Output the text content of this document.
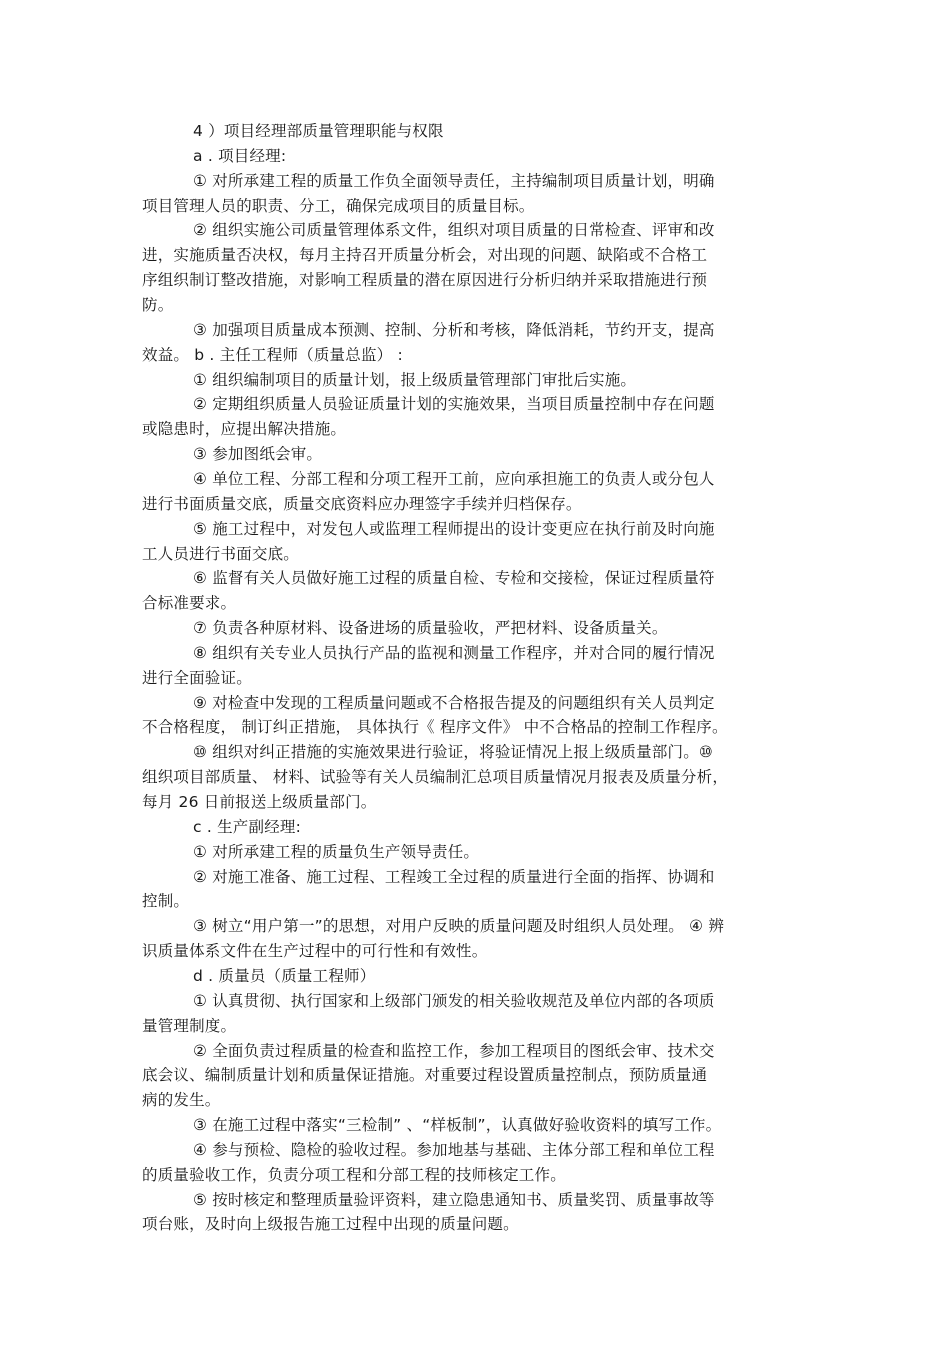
4 ）项目经理部质量管理职能与权限
a . 项目经理:
① 对所承建工程的质量工作负全面领导责任，主持编制项目质量计划，明确
项目管理人员的职责、分工，确保完成项目的质量目标。
② 组织实施公司质量管理体系文件，组织对项目质量的日常检查、评审和改
进，实施质量否决权，每月主持召开质量分析会，对出现的问题、缺陷或不合格工
序组织制订整改措施，对影响工程质量的潜在原因进行分析归纳并采取措施进行预
防。
③ 加强项目质量成本预测、控制、分析和考核，降低消耗，节约开支，提高
效益。 b . 主任工程师（质量总监） :
① 组织编制项目的质量计划，报上级质量管理部门审批后实施。
② 定期组织质量人员验证质量计划的实施效果，当项目质量控制中存在问题
或隐患时，应提出解决措施。
③ 参加图纸会审。
④ 单位工程、分部工程和分项工程开工前，应向承担施工的负责人或分包人
进行书面质量交底，质量交底资料应办理签字手续并归档保存。
⑤ 施工过程中，对发包人或监理工程师提出的设计变更应在执行前及时向施
工人员进行书面交底。
⑥ 监督有关人员做好施工过程的质量自检、专检和交接检，保证过程质量符
合标准要求。
⑦ 负责各种原材料、设备进场的质量验收，严把材料、设备质量关。
⑧ 组织有关专业人员执行产品的监视和测量工作程序，并对合同的履行情况
进行全面验证。
⑨ 对检查中发现的工程质量问题或不合格报告提及的问题组织有关人员判定
不合格程度， 制订纠正措施， 具体执行《 程序文件》 中不合格品的控制工作程序。
⑩ 组织对纠正措施的实施效果进行验证，将验证情况上报上级质量部门。⑩
组织项目部质量、 材料、试验等有关人员编制汇总项目质量情况月报表及质量分析，
每月 26 日前报送上级质量部门。
c . 生产副经理:
① 对所承建工程的质量负生产领导责任。
② 对施工准备、施工过程、工程竣工全过程的质量进行全面的指挥、协调和
控制。
③ 树立“用户第一”的思想，对用户反映的质量问题及时组织人员处理。 ④ 辨
识质量体系文件在生产过程中的可行性和有效性。
d . 质量员（质量工程师）
① 认真贯彻、执行国家和上级部门颁发的相关验收规范及单位内部的各项质
量管理制度。
② 全面负责过程质量的检查和监控工作，参加工程项目的图纸会审、技术交
底会议、编制质量计划和质量保证措施。对重要过程设置质量控制点，预防质量通
病的发生。
③ 在施工过程中落实“三检制” 、“样板制”，认真做好验收资料的填写工作。
④ 参与预检、隐检的验收过程。参加地基与基础、主体分部工程和单位工程
的质量验收工作，负责分项工程和分部工程的技师核定工作。
⑤ 按时核定和整理质量验评资料，建立隐患通知书、质量奖罚、质量事故等
项台账，及时向上级报告施工过程中出现的质量问题。
